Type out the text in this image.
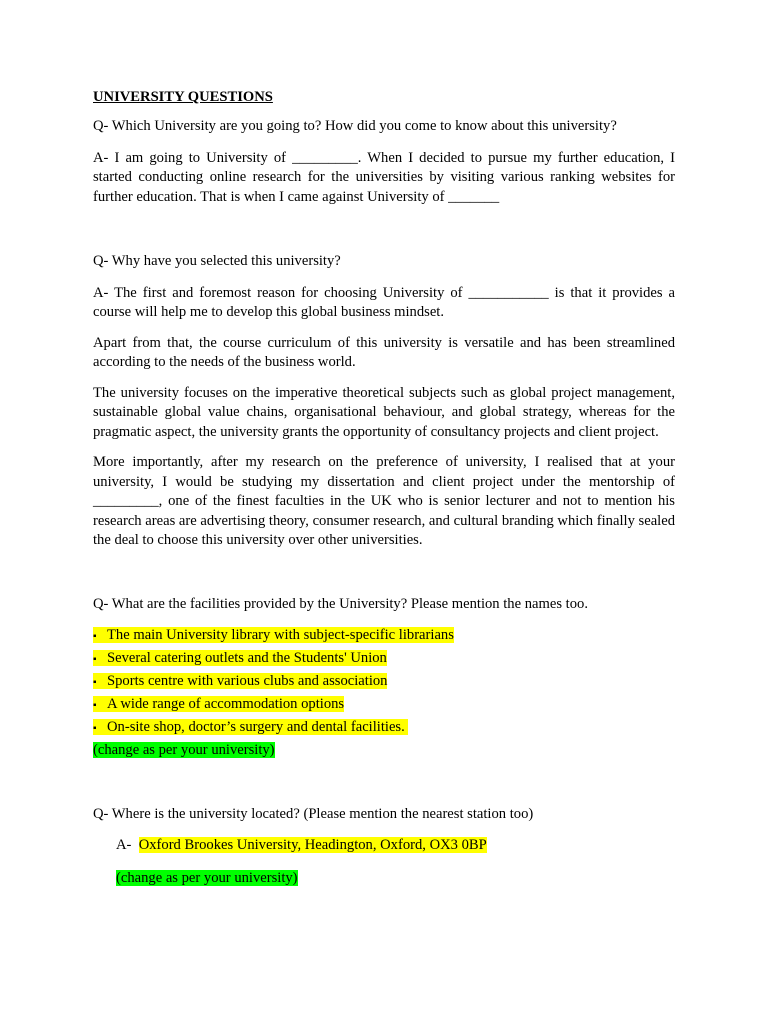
UNIVERSITY QUESTIONS

Q- Which University are you going to? How did you come to know about this university?

A- I am going to University of _________. When I decided to pursue my further education, I started conducting online research for the universities by visiting various ranking websites for further education. That is when I came against University of _______

Q- Why have you selected this university?

A- The first and foremost reason for choosing University of ___________ is that it provides a course will help me to develop this global business mindset.

Apart from that, the course curriculum of this university is versatile and has been streamlined according to the needs of the business world.

The university focuses on the imperative theoretical subjects such as global project management, sustainable global value chains, organisational behaviour, and global strategy, whereas for the pragmatic aspect, the university grants the opportunity of consultancy projects and client project.

More importantly, after my research on the preference of university, I realised that at your university, I would be studying my dissertation and client project under the mentorship of _________, one of the finest faculties in the UK who is senior lecturer and not to mention his research areas are advertising theory, consumer research, and cultural branding which finally sealed the deal to choose this university over other universities.

Q- What are the facilities provided by the University? Please mention the names too.

▪ The main University library with subject-specific librarians
▪ Several catering outlets and the Students' Union
▪ Sports centre with various clubs and association
▪ A wide range of accommodation options
▪ On-site shop, doctor’s surgery and dental facilities.
(change as per your university)

Q- Where is the university located? (Please mention the nearest station too)

A- Oxford Brookes University, Headington, Oxford, OX3 0BP
(change as per your university)
